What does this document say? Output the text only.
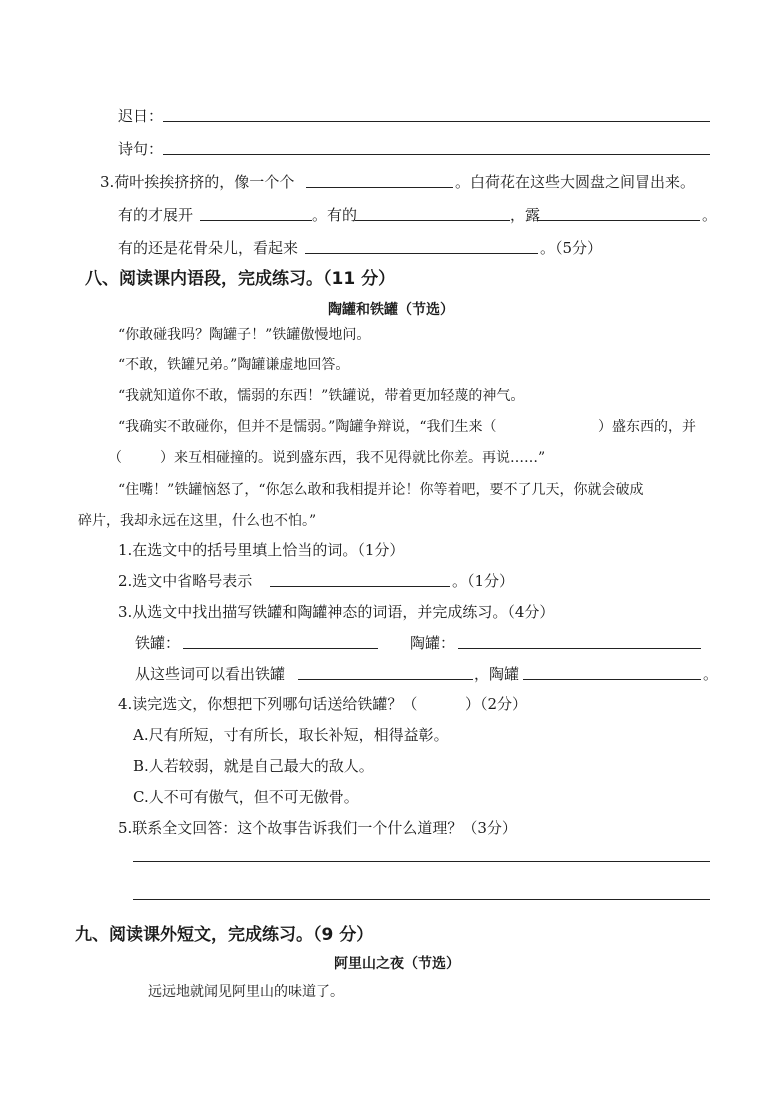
迟日：
诗句：
3.荷叶挨挨挤挤的，像一个个	。白荷花在这些大圆盘之间冒出来。
有的才展开	。有的	，露	。
有的还是花骨朵儿，看起来	。（5分）
八、阅读课内语段，完成练习。（11 分）
陶罐和铁罐（节选）
“你敢碰我吗？陶罐子！”铁罐傲慢地问。
“不敢，铁罐兄弟。”陶罐谦虚地回答。
“我就知道你不敢，懦弱的东西！”铁罐说，带着更加轻蔑的神气。
“我确实不敢碰你，但并不是懦弱。”陶罐争辩说，“我们生来（	）盛东西的，并
（	）来互相碰撞的。说到盛东西，我不见得就比你差。再说……”
“住嘴！”铁罐恼怒了，“你怎么敢和我相提并论！你等着吧，要不了几天，你就会破成
碎片，我却永远在这里，什么也不怕。”
1.在选文中的括号里填上恰当的词。（1分）
2.选文中省略号表示	。（1分）
3.从选文中找出描写铁罐和陶罐神态的词语，并完成练习。（4分）
铁罐：	陶罐：
从这些词可以看出铁罐	，陶罐	。
4.读完选文，你想把下列哪句话送给铁罐？（	）（2分）
A.尺有所短，寸有所长，取长补短，相得益彰。
B.人若较弱，就是自己最大的敌人。
C.人不可有傲气，但不可无傲骨。
5.联系全文回答：这个故事告诉我们一个什么道理？（3分）
九、阅读课外短文，完成练习。（9 分）
阿里山之夜（节选）
远远地就闻见阿里山的味道了。
